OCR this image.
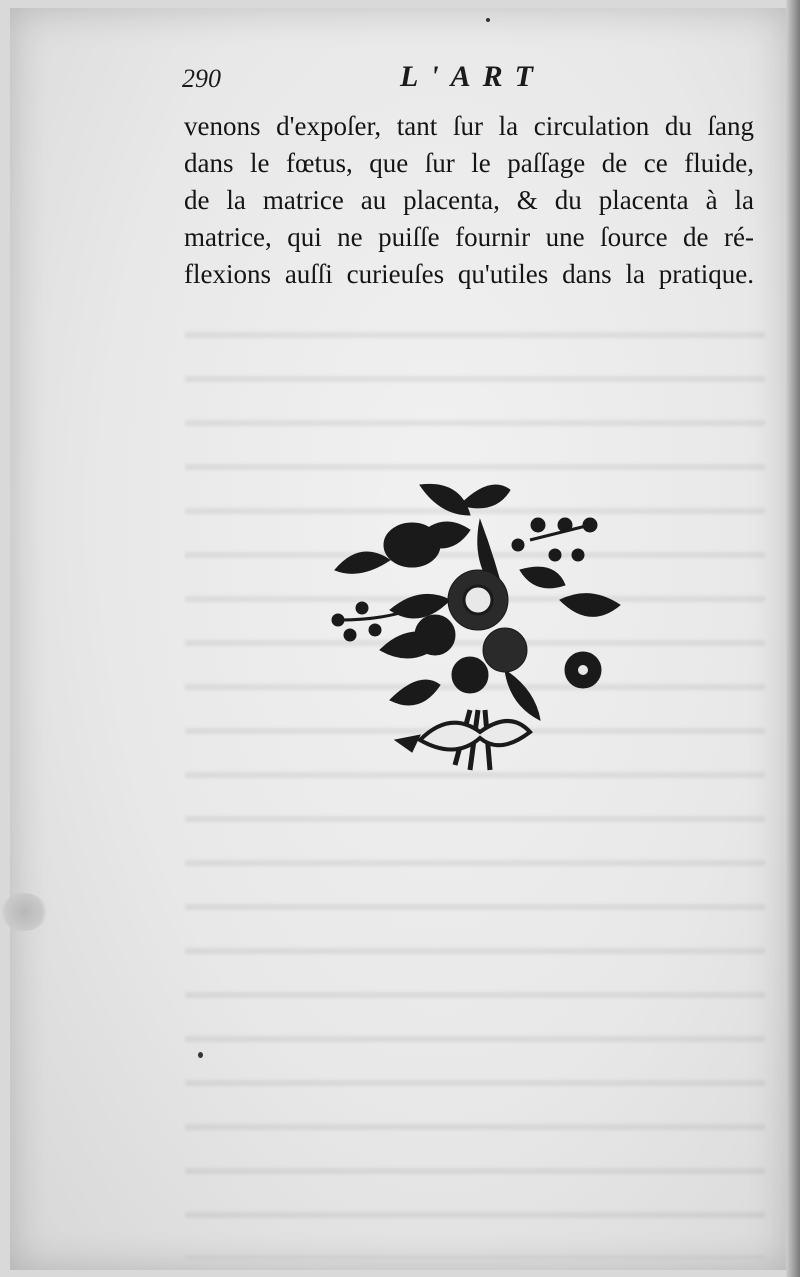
290	L'ART
venons d'expoſer, tant ſur la circulation du ſang
dans le fœtus, que ſur le paſſage de ce fluide,
de la matrice au placenta, & du placenta à la
matrice, qui ne puiſſe fournir une ſource de ré-
flexions auſſi curieuſes qu'utiles dans la pratique.
